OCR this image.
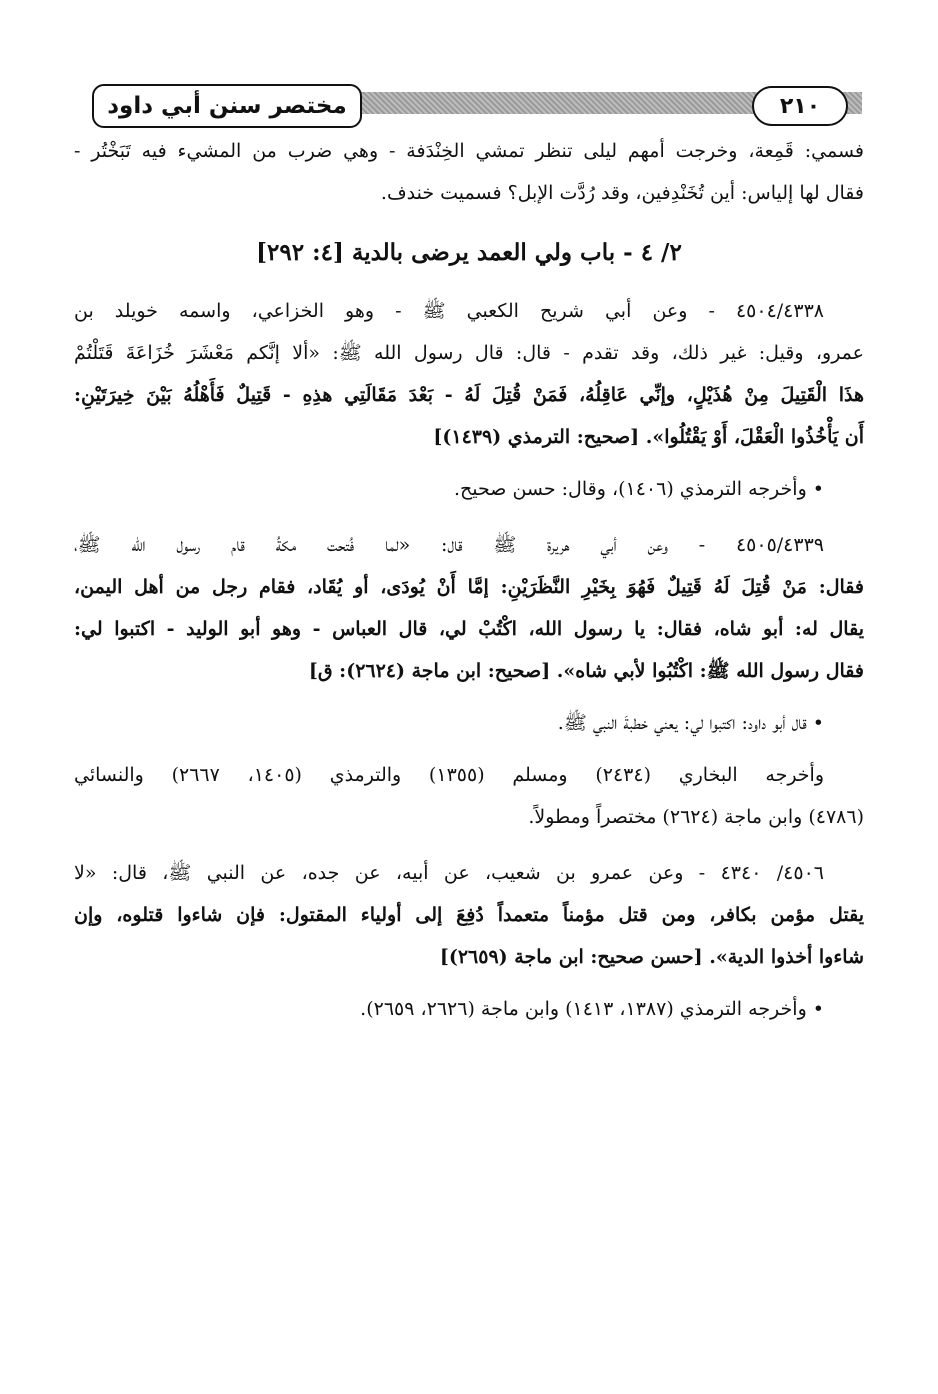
مختصر سنن أبي داود	٢١٠

فسمي: قَمِعة، وخرجت أمهم ليلى تنظر تمشي الخِنْدَفة - وهي ضرب من المشيء فيه تَبَخْتُر -
فقال لها إلياس: أين تُخَنْدِفين، وقد رُدَّت الإبل؟ فسميت خندف.

٢/ ٤ - باب ولي العمد يرضى بالدية [٤: ٢٩٢]

٤٥٠٤/٤٣٣٨ - وعن أبي شريح الكعبي ﷺ - وهو الخزاعي، واسمه خويلد بن
عمرو، وقيل: غير ذلك، وقد تقدم - قال: قال رسول الله ﷺ: «ألا إنَّكم مَعْشَرَ خُزَاعَةَ قَتَلْتُمْ
هذَا الْقَتِيلَ مِنْ هُذَيْلٍ، وإنِّي عَاقِلُهُ، فَمَنْ قُتِلَ لَهُ - بَعْدَ مَقَالَتِي هذِهِ - قَتِيلٌ فَأَهْلُهُ بَيْنَ خِيرَتَيْنِ:
أَن يَأْخُذُوا الْعَقْلَ، أَوْ يَقْتُلُوا». [صحيح: الترمذي (١٤٣٩)]

• وأخرجه الترمذي (١٤٠٦)، وقال: حسن صحيح.

٤٥٠٥/٤٣٣٩ - وعن أبي هريرة ﷺ قال: «لما فُتحت مكةُ قام رسول الله ﷺ،
فقال: مَنْ قُتِلَ لَهُ قَتِيلٌ فَهُوَ بِخَيْرِ النَّظَرَيْنِ: إمَّا أَنْ يُودَى، أو يُقَاد، فقام رجل من أهل اليمن،
يقال له: أبو شاه، فقال: يا رسول الله، اكْتُبْ لي، قال العباس - وهو أبو الوليد - اكتبوا لي:
فقال رسول الله ﷺ: اكْتُبُوا لأبي شاه». [صحيح: ابن ماجة (٢٦٢٤): ق]

• قال أبو داود: اكتبوا لي: يعني خطبةَ النبي ﷺ.

وأخرجه البخاري (٢٤٣٤) ومسلم (١٣٥٥) والترمذي (١٤٠٥، ٢٦٦٧) والنسائي
(٤٧٨٦) وابن ماجة (٢٦٢٤) مختصراً ومطولاً.

٤٥٠٦/ ٤٣٤٠ - وعن عمرو بن شعيب، عن أبيه، عن جده، عن النبي ﷺ، قال: «لا
يقتل مؤمن بكافر، ومن قتل مؤمناً متعمداً دُفِعَ إلى أولياء المقتول: فإن شاءوا قتلوه، وإن
شاءوا أخذوا الدية». [حسن صحيح: ابن ماجة (٢٦٥٩)]

• وأخرجه الترمذي (١٣٨٧، ١٤١٣) وابن ماجة (٢٦٢٦، ٢٦٥٩).
